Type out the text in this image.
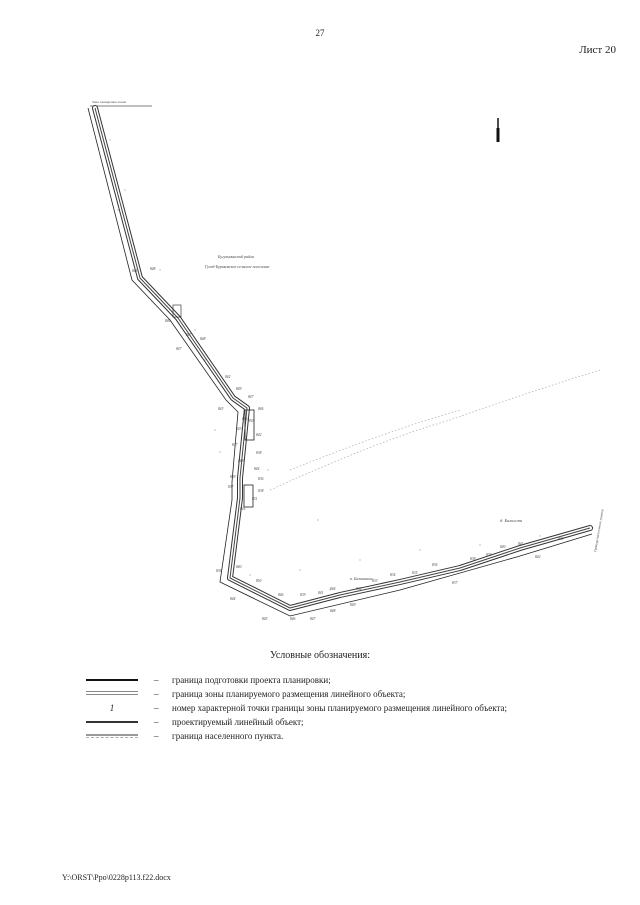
27
Лист 20
Зона планировки линии
Бугульминский район
Гулей-Бураковское сельское поселение
д. Бальсопи
п. Балкашное
Граница населенного пункта
845	848
846
847
847
848
842
843
849
847
846
846
843
842
837
838
848
844
839	836
837
838
845
836
840
850
846	839	841
844	832
833
834	835
836
837
838
839
840
841
842
843
844
845	846	847
848
849
850
851
Условные обозначения:
– граница подготовки проекта планировки;
– граница зоны планируемого размещения линейного объекта;
1	– номер характерной точки границы зоны планируемого размещения линейного объекта;
– проектируемый линейный объект;
– граница населенного пункта.
Y:\ORST\Ppo\0228p113.f22.docx
